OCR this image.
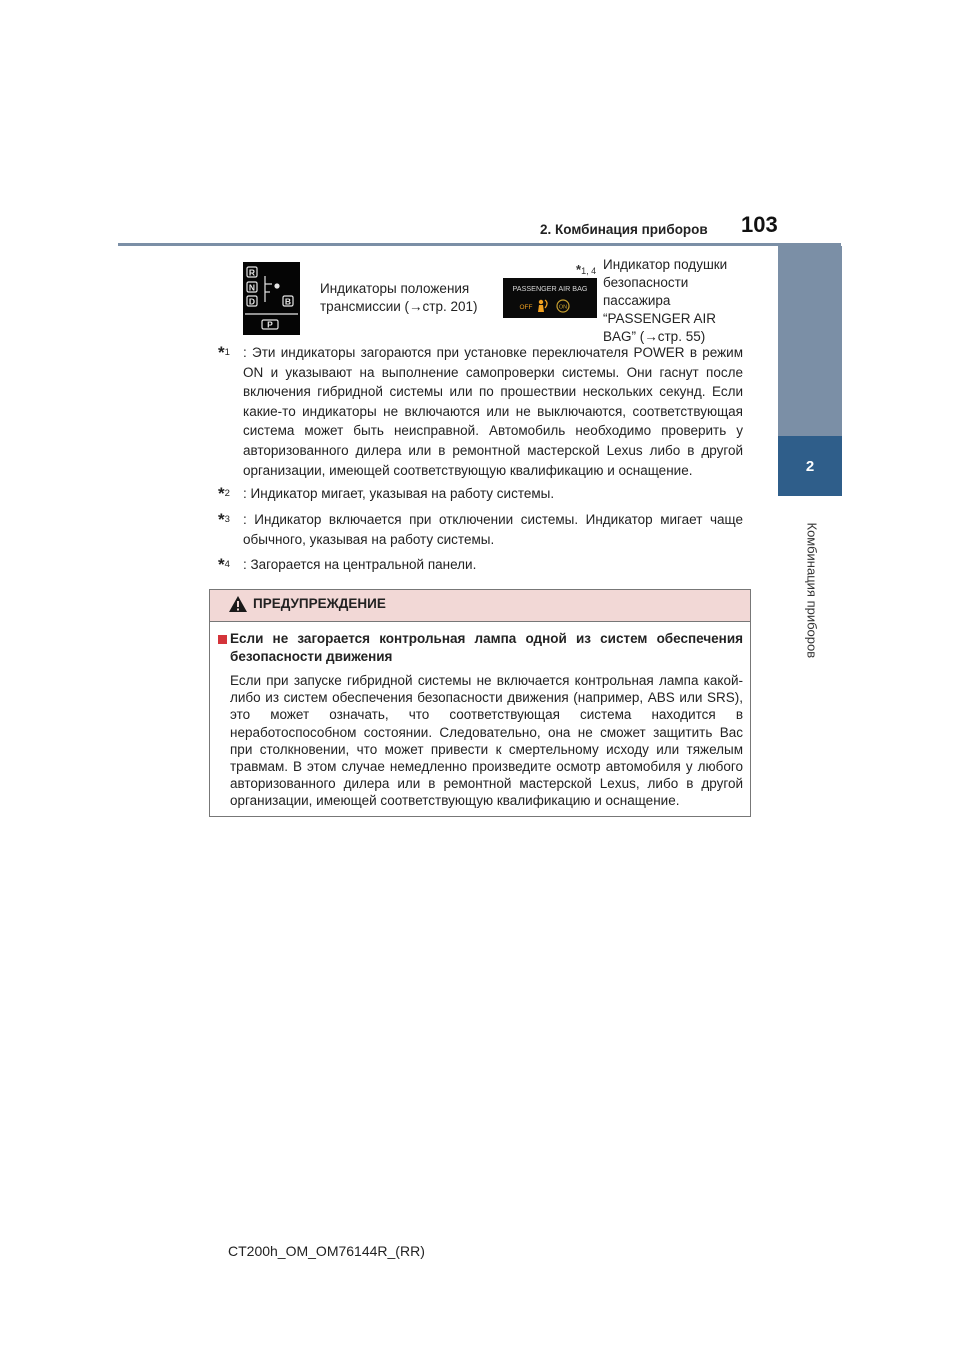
2. Комбинация приборов 103
2
Комбинация приборов
R
N
D	B
P
Индикаторы положения трансмиссии (→стр. 201)
PASSENGER AIR BAG
OFF	ON
*1, 4 Индикатор подушки безопасности пассажира “PASSENGER AIR BAG” (→стр. 55)
*$^1$ : Эти индикаторы загораются при установке переключателя POWER в режим ON и указывают на выполнение самопроверки системы. Они гаснут после включения гибридной системы или по прошествии нескольких секунд. Если какие-то индикаторы не включаются или не выключаются, соответствующая система может быть неисправной. Автомобиль необходимо проверить у авторизованного дилера или в ремонтной мастерской Lexus либо в другой организации, имеющей соответствующую квалификацию и оснащение.
*$^2$ : Индикатор мигает, указывая на работу системы.
*$^3$ : Индикатор включается при отключении системы. Индикатор мигает чаще обычного, указывая на работу системы.
*$^4$ : Загорается на центральной панели.
ПРЕДУПРЕЖДЕНИЕ
Если не загорается контрольная лампа одной из систем обеспечения безопасности движения
Если при запуске гибридной системы не включается контрольная лампа какой-либо из систем обеспечения безопасности движения (например, ABS или SRS), это может означать, что соответствующая система находится в неработоспособном состоянии. Следовательно, она не сможет защитить Вас при столкновении, что может привести к смертельному исходу или тяжелым травмам. В этом случае немедленно произведите осмотр автомобиля у любого авторизованного дилера или в ремонтной мастерской Lexus, либо в другой организации, имеющей соответствующую квалификацию и оснащение.
CT200h_OM_OM76144R_(RR)
